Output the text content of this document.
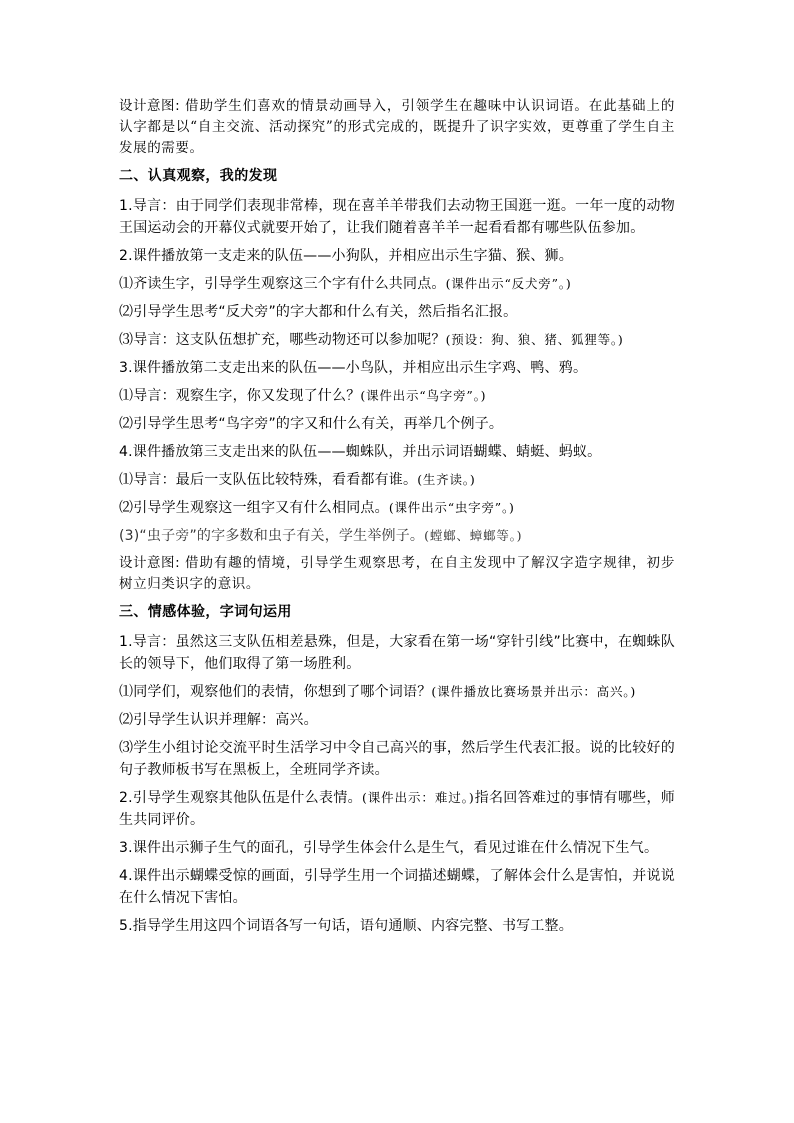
设计意图: 借助学生们喜欢的情景动画导入，引领学生在趣味中认识词语。在此基础上的认字都是以“自主交流、活动探究”的形式完成的，既提升了识字实效，更尊重了学生自主发展的需要。

二、认真观察，我的发现

1.导言：由于同学们表现非常棒，现在喜羊羊带我们去动物王国逛一逛。一年一度的动物王国运动会的开幕仪式就要开始了，让我们随着喜羊羊一起看看都有哪些队伍参加。

2.课件播放第一支走来的队伍——小狗队，并相应出示生字猫、猴、狮。

⑴齐读生字，引导学生观察这三个字有什么共同点。(课件出示“反犬旁”。)

⑵引导学生思考“反犬旁”的字大都和什么有关，然后指名汇报。

⑶导言：这支队伍想扩充，哪些动物还可以参加呢？(预设：狗、狼、猪、狐狸等。)

3.课件播放第二支走出来的队伍——小鸟队，并相应出示生字鸡、鸭、鸦。

⑴导言：观察生字，你又发现了什么？(课件出示“鸟字旁”。)

⑵引导学生思考“鸟字旁”的字又和什么有关，再举几个例子。

4.课件播放第三支走出来的队伍——蜘蛛队，并出示词语蝴蝶、蜻蜓、蚂蚁。

⑴导言：最后一支队伍比较特殊，看看都有谁。(生齐读。)

⑵引导学生观察这一组字又有什么相同点。(课件出示“虫字旁”。)

(3)“虫子旁”的字多数和虫子有关，学生举例子。(螳螂、蟑螂等。)

设计意图: 借助有趣的情境，引导学生观察思考，在自主发现中了解汉字造字规律，初步树立归类识字的意识。

三、情感体验，字词句运用

1.导言：虽然这三支队伍相差悬殊，但是，大家看在第一场“穿针引线”比赛中，在蜘蛛队长的领导下，他们取得了第一场胜利。

⑴同学们，观察他们的表情，你想到了哪个词语？(课件播放比赛场景并出示：高兴。)

⑵引导学生认识并理解：高兴。

⑶学生小组讨论交流平时生活学习中令自己高兴的事，然后学生代表汇报。说的比较好的句子教师板书写在黑板上，全班同学齐读。

2.引导学生观察其他队伍是什么表情。(课件出示：难过。)指名回答难过的事情有哪些，师生共同评价。

3.课件出示狮子生气的面孔，引导学生体会什么是生气，看见过谁在什么情况下生气。

4.课件出示蝴蝶受惊的画面，引导学生用一个词描述蝴蝶，了解体会什么是害怕，并说说在什么情况下害怕。

5.指导学生用这四个词语各写一句话，语句通顺、内容完整、书写工整。
